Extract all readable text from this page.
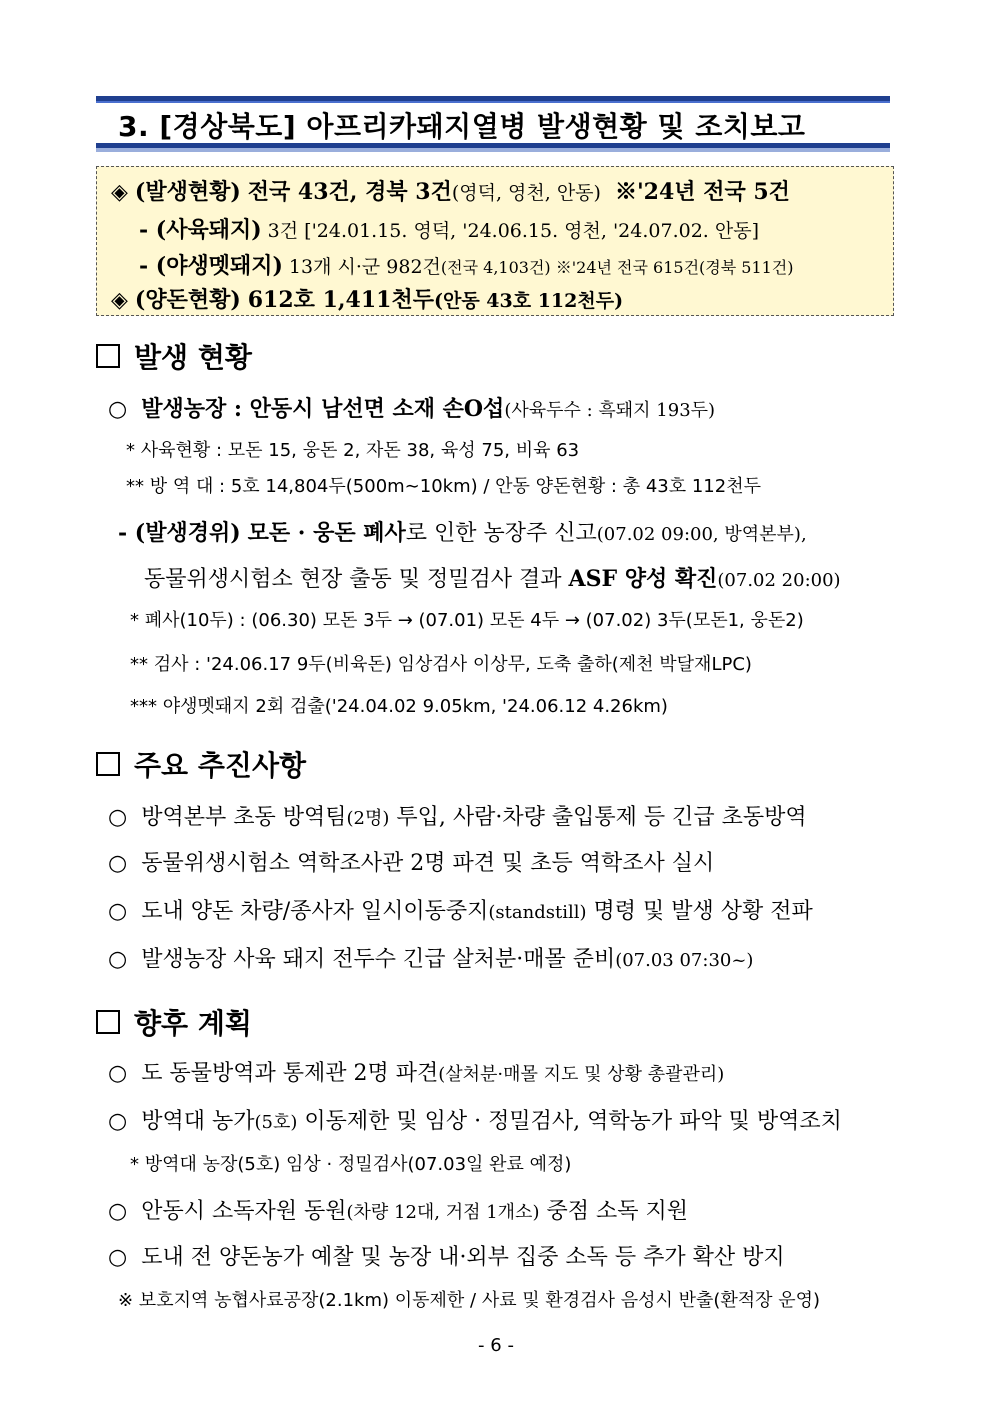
3. [경상북도] 아프리카돼지열병 발생현황 및 조치보고
◈ (발생현황) 전국 43건, 경북 3건(영덕, 영천, 안동) ※'24년 전국 5건
- (사육돼지) 3건 ['24.01.15. 영덕, '24.06.15. 영천, '24.07.02. 안동]
- (야생멧돼지) 13개 시·군 982건(전국 4,103건) ※'24년 전국 615건(경북 511건)
◈ (양돈현황) 612호 1,411천두(안동 43호 112천두)
발생 현황
○ 발생농장 : 안동시 남선면 소재 손O섭(사육두수 : 흑돼지 193두)
* 사육현황 : 모돈 15, 웅돈 2, 자돈 38, 육성 75, 비육 63
** 방 역 대 : 5호 14,804두(500m∼10km) / 안동 양돈현황 : 총 43호 112천두
- (발생경위) 모돈 · 웅돈 폐사로 인한 농장주 신고(07.02 09:00, 방역본부),
동물위생시험소 현장 출동 및 정밀검사 결과 ASF 양성 확진(07.02 20:00)
* 폐사(10두) : (06.30) 모돈 3두 → (07.01) 모돈 4두 → (07.02) 3두(모돈1, 웅돈2)
** 검사 : '24.06.17 9두(비육돈) 임상검사 이상무, 도축 출하(제천 박달재LPC)
*** 야생멧돼지 2회 검출('24.04.02 9.05km, '24.06.12 4.26km)
주요 추진사항
○ 방역본부 초동 방역팀(2명) 투입, 사람·차량 출입통제 등 긴급 초동방역
○ 동물위생시험소 역학조사관 2명 파견 및 초등 역학조사 실시
○ 도내 양돈 차량/종사자 일시이동중지(standstill) 명령 및 발생 상황 전파
○ 발생농장 사육 돼지 전두수 긴급 살처분·매몰 준비(07.03 07:30~)
향후 계획
○ 도 동물방역과 통제관 2명 파견(살처분·매몰 지도 및 상황 총괄관리)
○ 방역대 농가(5호) 이동제한 및 임상 · 정밀검사, 역학농가 파악 및 방역조치
* 방역대 농장(5호) 임상 · 정밀검사(07.03일 완료 예정)
○ 안동시 소독자원 동원(차량 12대, 거점 1개소) 중점 소독 지원
○ 도내 전 양돈농가 예찰 및 농장 내·외부 집중 소독 등 추가 확산 방지
※ 보호지역 농협사료공장(2.1km) 이동제한 / 사료 및 환경검사 음성시 반출(환적장 운영)
- 6 -
